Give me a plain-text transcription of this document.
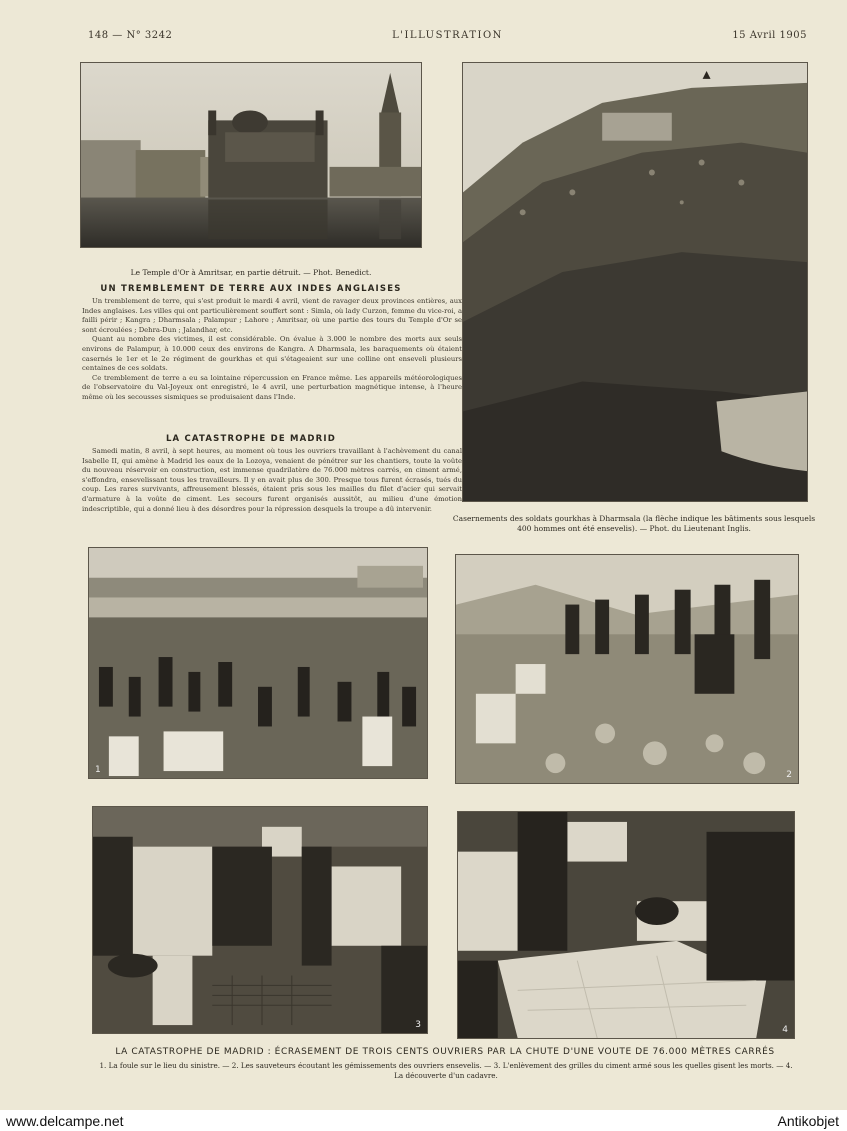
148 — N° 3242	L'ILLUSTRATION	15 Avril 1905
Le Temple d'Or à Amritsar, en partie détruit. — Phot. Benedict.
UN TREMBLEMENT DE TERRE AUX INDES ANGLAISES

Un tremblement de terre, qui s'est produit le mardi 4 avril, vient de ravager deux provinces entières, aux Indes anglaises. Les villes qui ont particulièrement souffert sont : Simla, où lady Curzon, femme du vice-roi, a failli périr ; Kangra ; Dharmsala ; Palampur ; Lahore ; Amritsar, où une partie des tours du Temple d'Or se sont écroulées ; Dehra-Dun ; Jalandhar, etc.

Quant au nombre des victimes, il est considérable. On évalue à 3.000 le nombre des morts aux seuls environs de Palampur, à 10.000 ceux des environs de Kangra. A Dharmsala, les baraquements où étaient casernés le 1er et le 2e régiment de gourkhas et qui s'étageaient sur une colline ont enseveli plusieurs centaines de ces soldats.

Ce tremblement de terre a eu sa lointaine répercussion en France même. Les appareils météorologiques de l'observatoire du Val-Joyeux ont enregistré, le 4 avril, une perturbation magnétique intense, à l'heure même où les secousses sismiques se produisaient dans l'Inde.

LA CATASTROPHE DE MADRID

Samedi matin, 8 avril, à sept heures, au moment où tous les ouvriers travaillant à l'achèvement du canal Isabelle II, qui amène à Madrid les eaux de la Lozoya, venaient de pénétrer sur les chantiers, toute la voûte du nouveau réservoir en construction, est immense quadrilatère de 76.000 mètres carrés, en ciment armé, s'effondra, ensevelissant tous les travailleurs. Il y en avait plus de 300. Presque tous furent écrasés, tués du coup. Les rares survivants, affreusement blessés, étaient pris sous les mailles du filet d'acier qui servait d'armature à la voûte de ciment. Les secours furent organisés aussitôt, au milieu d'une émotion indescriptible, qui a donné lieu à des désordres pour la répression desquels la troupe a dû intervenir.

Casernements des soldats gourkhas à Dharmsala (la flèche indique les bâtiments sous lesquels 400 hommes ont été ensevelis). — Phot. du Lieutenant Inglis.
1	2
3	4
LA CATASTROPHE DE MADRID : ÉCRASEMENT DE TROIS CENTS OUVRIERS PAR LA CHUTE D'UNE VOUTE DE 76.000 MÈTRES CARRÉS
1. La foule sur le lieu du sinistre. — 2. Les sauveteurs écoutant les gémissements des ouvriers ensevelis. — 3. L'enlèvement des grilles du ciment armé sous les quelles gisent les morts. — 4. La découverte d'un cadavre.
www.delcampe.net	Antikobjet
